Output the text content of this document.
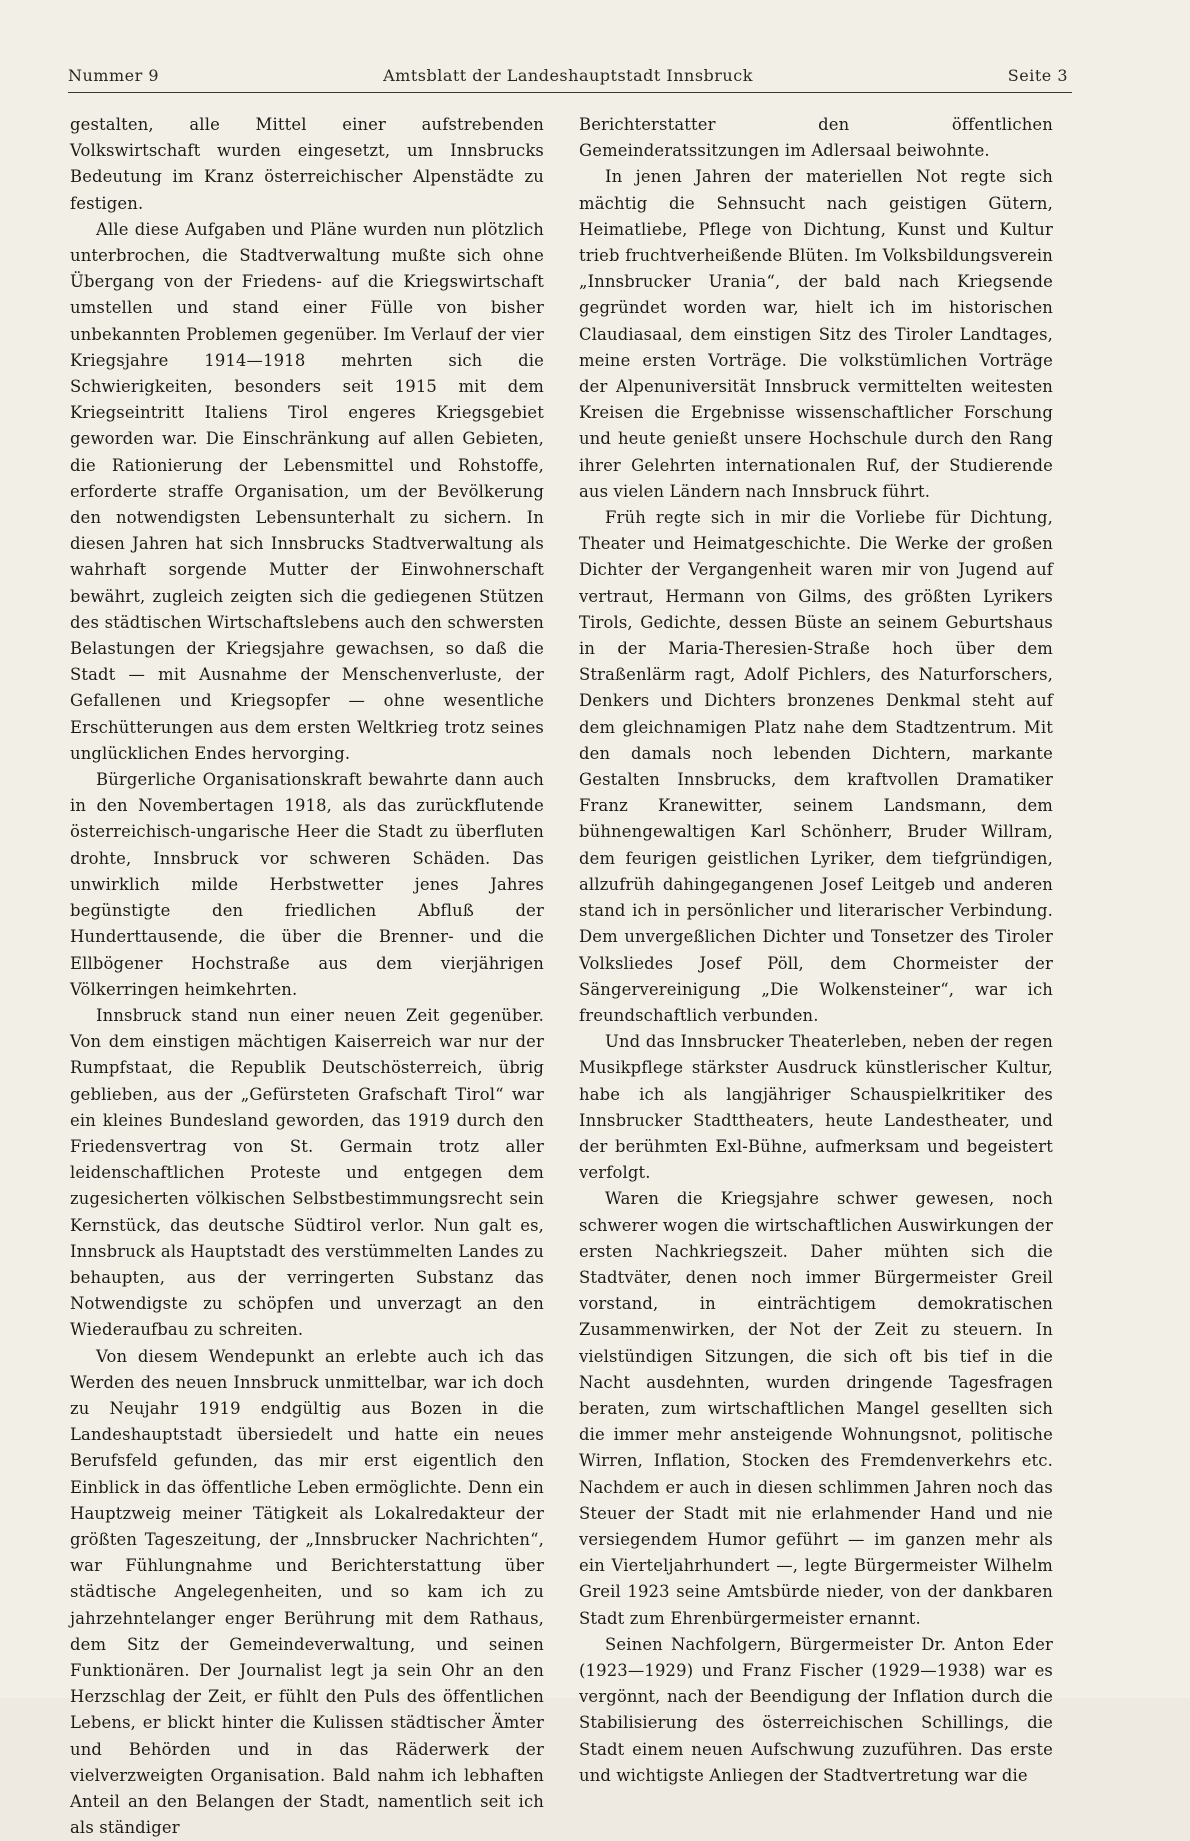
Nummer 9	Amtsblatt der Landeshauptstadt Innsbruck	Seite 3

gestalten, alle Mittel einer aufstrebenden Volkswirtschaft wurden eingesetzt, um Innsbrucks Bedeutung im Kranz österreichischer Alpenstädte zu festigen.

Alle diese Aufgaben und Pläne wurden nun plötzlich unterbrochen, die Stadtverwaltung mußte sich ohne Übergang von der Friedens- auf die Kriegswirtschaft umstellen und stand einer Fülle von bisher unbekannten Problemen gegenüber. Im Verlauf der vier Kriegsjahre 1914—1918 mehrten sich die Schwierigkeiten, besonders seit 1915 mit dem Kriegseintritt Italiens Tirol engeres Kriegsgebiet geworden war. Die Einschränkung auf allen Gebieten, die Rationierung der Lebensmittel und Rohstoffe, erforderte straffe Organisation, um der Bevölkerung den notwendigsten Lebensunterhalt zu sichern. In diesen Jahren hat sich Innsbrucks Stadtverwaltung als wahrhaft sorgende Mutter der Einwohnerschaft bewährt, zugleich zeigten sich die gediegenen Stützen des städtischen Wirtschaftslebens auch den schwersten Belastungen der Kriegsjahre gewachsen, so daß die Stadt — mit Ausnahme der Menschenverluste, der Gefallenen und Kriegsopfer — ohne wesentliche Erschütterungen aus dem ersten Weltkrieg trotz seines unglücklichen Endes hervorging.

Bürgerliche Organisationskraft bewahrte dann auch in den Novembertagen 1918, als das zurückflutende österreichisch-ungarische Heer die Stadt zu überfluten drohte, Innsbruck vor schweren Schäden. Das unwirklich milde Herbstwetter jenes Jahres begünstigte den friedlichen Abfluß der Hunderttausende, die über die Brenner- und die Ellbögener Hochstraße aus dem vierjährigen Völkerringen heimkehrten.

Innsbruck stand nun einer neuen Zeit gegenüber. Von dem einstigen mächtigen Kaiserreich war nur der Rumpfstaat, die Republik Deutschösterreich, übrig geblieben, aus der „Gefürsteten Grafschaft Tirol“ war ein kleines Bundesland geworden, das 1919 durch den Friedensvertrag von St. Germain trotz aller leidenschaftlichen Proteste und entgegen dem zugesicherten völkischen Selbstbestimmungsrecht sein Kernstück, das deutsche Südtirol verlor. Nun galt es, Innsbruck als Hauptstadt des verstümmelten Landes zu behaupten, aus der verringerten Substanz das Notwendigste zu schöpfen und unverzagt an den Wiederaufbau zu schreiten.

Von diesem Wendepunkt an erlebte auch ich das Werden des neuen Innsbruck unmittelbar, war ich doch zu Neujahr 1919 endgültig aus Bozen in die Landeshauptstadt übersiedelt und hatte ein neues Berufsfeld gefunden, das mir erst eigentlich den Einblick in das öffentliche Leben ermöglichte. Denn ein Hauptzweig meiner Tätigkeit als Lokalredakteur der größten Tageszeitung, der „Innsbrucker Nachrichten“, war Fühlungnahme und Berichterstattung über städtische Angelegenheiten, und so kam ich zu jahrzehntelanger enger Berührung mit dem Rathaus, dem Sitz der Gemeindeverwaltung, und seinen Funktionären. Der Journalist legt ja sein Ohr an den Herzschlag der Zeit, er fühlt den Puls des öffentlichen Lebens, er blickt hinter die Kulissen städtischer Ämter und Behörden und in das Räderwerk der vielverzweigten Organisation. Bald nahm ich lebhaften Anteil an den Belangen der Stadt, namentlich seit ich als ständiger

Berichterstatter den öffentlichen Gemeinderatssitzungen im Adlersaal beiwohnte.

In jenen Jahren der materiellen Not regte sich mächtig die Sehnsucht nach geistigen Gütern, Heimatliebe, Pflege von Dichtung, Kunst und Kultur trieb fruchtverheißende Blüten. Im Volksbildungsverein „Innsbrucker Urania“, der bald nach Kriegsende gegründet worden war, hielt ich im historischen Claudiasaal, dem einstigen Sitz des Tiroler Landtages, meine ersten Vorträge. Die volkstümlichen Vorträge der Alpenuniversität Innsbruck vermittelten weitesten Kreisen die Ergebnisse wissenschaftlicher Forschung und heute genießt unsere Hochschule durch den Rang ihrer Gelehrten internationalen Ruf, der Studierende aus vielen Ländern nach Innsbruck führt.

Früh regte sich in mir die Vorliebe für Dichtung, Theater und Heimatgeschichte. Die Werke der großen Dichter der Vergangenheit waren mir von Jugend auf vertraut, Hermann von Gilms, des größten Lyrikers Tirols, Gedichte, dessen Büste an seinem Geburtshaus in der Maria-Theresien-Straße hoch über dem Straßenlärm ragt, Adolf Pichlers, des Naturforschers, Denkers und Dichters bronzenes Denkmal steht auf dem gleichnamigen Platz nahe dem Stadtzentrum. Mit den damals noch lebenden Dichtern, markante Gestalten Innsbrucks, dem kraftvollen Dramatiker Franz Kranewitter, seinem Landsmann, dem bühnengewaltigen Karl Schönherr, Bruder Willram, dem feurigen geistlichen Lyriker, dem tiefgründigen, allzufrüh dahingegangenen Josef Leitgeb und anderen stand ich in persönlicher und literarischer Verbindung. Dem unvergeßlichen Dichter und Tonsetzer des Tiroler Volksliedes Josef Pöll, dem Chormeister der Sängervereinigung „Die Wolkensteiner“, war ich freundschaftlich verbunden.

Und das Innsbrucker Theaterleben, neben der regen Musikpflege stärkster Ausdruck künstlerischer Kultur, habe ich als langjähriger Schauspielkritiker des Innsbrucker Stadttheaters, heute Landestheater, und der berühmten Exl-Bühne, aufmerksam und begeistert verfolgt.

Waren die Kriegsjahre schwer gewesen, noch schwerer wogen die wirtschaftlichen Auswirkungen der ersten Nachkriegszeit. Daher mühten sich die Stadtväter, denen noch immer Bürgermeister Greil vorstand, in einträchtigem demokratischen Zusammenwirken, der Not der Zeit zu steuern. In vielstündigen Sitzungen, die sich oft bis tief in die Nacht ausdehnten, wurden dringende Tagesfragen beraten, zum wirtschaftlichen Mangel gesellten sich die immer mehr ansteigende Wohnungsnot, politische Wirren, Inflation, Stocken des Fremdenverkehrs etc. Nachdem er auch in diesen schlimmen Jahren noch das Steuer der Stadt mit nie erlahmender Hand und nie versiegendem Humor geführt — im ganzen mehr als ein Vierteljahrhundert —, legte Bürgermeister Wilhelm Greil 1923 seine Amtsbürde nieder, von der dankbaren Stadt zum Ehrenbürgermeister ernannt.

Seinen Nachfolgern, Bürgermeister Dr. Anton Eder (1923—1929) und Franz Fischer (1929—1938) war es vergönnt, nach der Beendigung der Inflation durch die Stabilisierung des österreichischen Schillings, die Stadt einem neuen Aufschwung zuzuführen. Das erste und wichtigste Anliegen der Stadtvertretung war die
